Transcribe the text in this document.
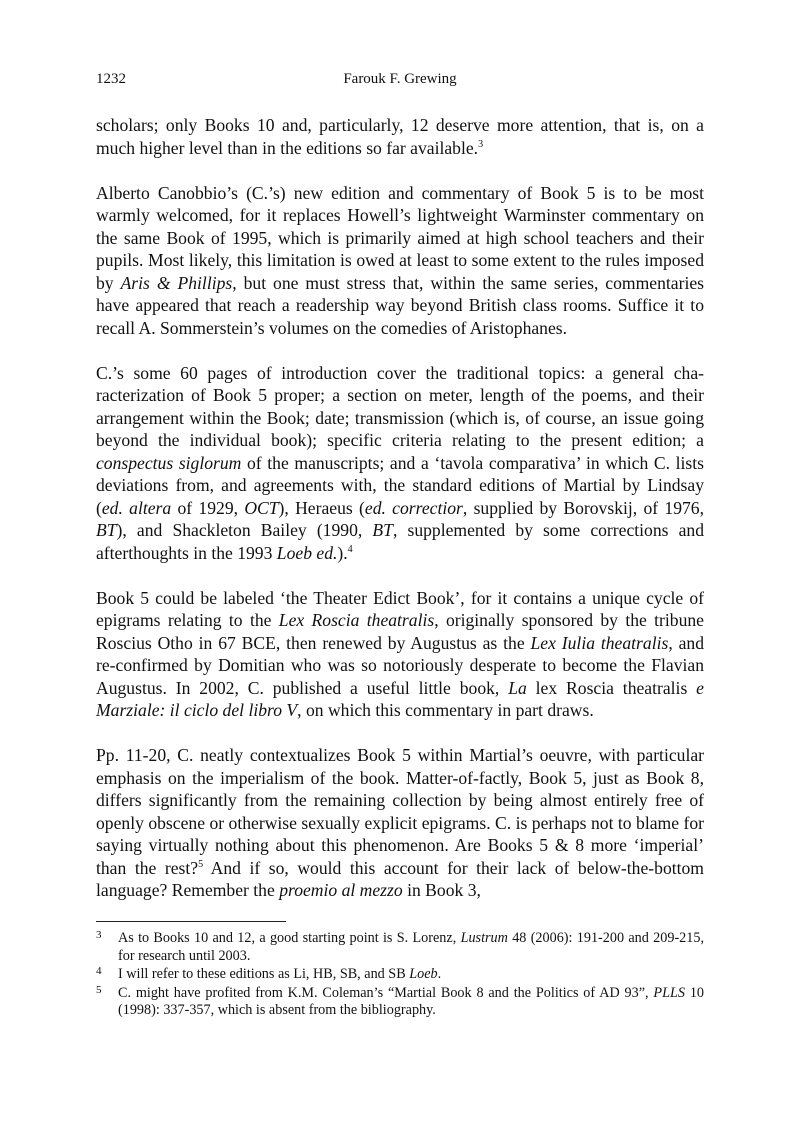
1232	Farouk F. Grewing

scholars; only Books 10 and, particularly, 12 deserve more attention, that is, on a much higher level than in the editions so far available.$^3$

Alberto Canobbio’s (C.’s) new edition and commentary of Book 5 is to be most warmly welcomed, for it replaces Howell’s lightweight Warminster commentary on the same Book of 1995, which is primarily aimed at high school teachers and their pupils. Most likely, this limitation is owed at least to some extent to the rules imposed by Aris & Phillips, but one must stress that, within the same series, commentaries have appeared that reach a readership way beyond British class rooms. Suffice it to recall A. Sommerstein’s volumes on the comedies of Aristophanes.

C.’s some 60 pages of introduction cover the traditional topics: a general characterization of Book 5 proper; a section on meter, length of the poems, and their arrangement within the Book; date; transmission (which is, of course, an issue going beyond the individual book); specific criteria relating to the present edition; a conspectus siglorum of the manuscripts; and a ‘tavola comparativa’ in which C. lists deviations from, and agreements with, the standard editions of Martial by Lindsay (ed. altera of 1929, OCT), Heraeus (ed. correctior, supplied by Borovskij, of 1976, BT), and Shackleton Bailey (1990, BT, supplemented by some corrections and afterthoughts in the 1993 Loeb ed.).$^4$

Book 5 could be labeled ‘the Theater Edict Book’, for it contains a unique cycle of epigrams relating to the Lex Roscia theatralis, originally sponsored by the tribune Roscius Otho in 67 BCE, then renewed by Augustus as the Lex Iulia theatralis, and re-confirmed by Domitian who was so notoriously desperate to become the Flavian Augustus. In 2002, C. published a useful little book, La lex Roscia theatralis e Marziale: il ciclo del libro V, on which this commentary in part draws.

Pp. 11-20, C. neatly contextualizes Book 5 within Martial’s oeuvre, with particular emphasis on the imperialism of the book. Matter-of-factly, Book 5, just as Book 8, differs significantly from the remaining collection by being almost entirely free of openly obscene or otherwise sexually explicit epigrams. C. is perhaps not to blame for saying virtually nothing about this phenomenon. Are Books 5 & 8 more ‘imperial’ than the rest?$^5$ And if so, would this account for their lack of below-the-bottom language? Remember the proemio al mezzo in Book 3,

3 As to Books 10 and 12, a good starting point is S. Lorenz, Lustrum 48 (2006): 191-200 and 209-215, for research until 2003.
4 I will refer to these editions as Li, HB, SB, and SB Loeb.
5 C. might have profited from K.M. Coleman’s “Martial Book 8 and the Politics of AD 93”, PLLS 10 (1998): 337-357, which is absent from the bibliography.
